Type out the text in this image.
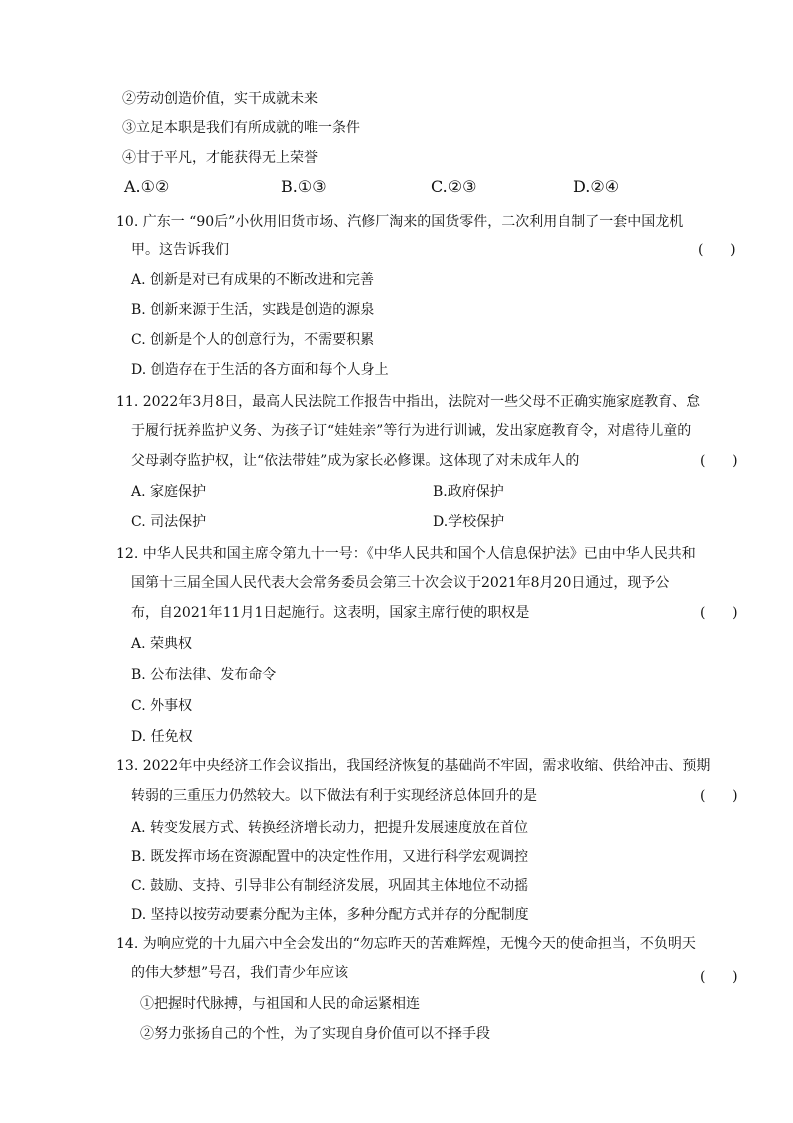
②劳动创造价值，实干成就未来
③立足本职是我们有所成就的唯一条件
④甘于平凡，才能获得无上荣誉
A.①②	B.①③	C.②③	D.②④
10. 广东一 “90后”小伙用旧货市场、汽修厂淘来的国货零件，二次利用自制了一套中国龙机
甲。这告诉我们	(      )
A. 创新是对已有成果的不断改进和完善
B. 创新来源于生活，实践是创造的源泉
C. 创新是个人的创意行为，不需要积累
D. 创造存在于生活的各方面和每个人身上
11. 2022年3月8日，最高人民法院工作报告中指出，法院对一些父母不正确实施家庭教育、怠
于履行抚养监护义务、为孩子订“娃娃亲”等行为进行训诫，发出家庭教育令，对虐待儿童的
父母剥夺监护权，让“依法带娃”成为家长必修课。这体现了对未成年人的	(      )
A. 家庭保护	B.政府保护
C. 司法保护	D.学校保护
12. 中华人民共和国主席令第九十一号：《中华人民共和国个人信息保护法》已由中华人民共和
国第十三届全国人民代表大会常务委员会第三十次会议于2021年8月20日通过，现予公
布，自2021年11月1日起施行。这表明，国家主席行使的职权是	(      )
A. 荣典权
B. 公布法律、发布命令
C. 外事权
D. 任免权
13. 2022年中央经济工作会议指出，我国经济恢复的基础尚不牢固，需求收缩、供给冲击、预期
转弱的三重压力仍然较大。以下做法有利于实现经济总体回升的是	(      )
A. 转变发展方式、转换经济增长动力，把提升发展速度放在首位
B. 既发挥市场在资源配置中的决定性作用，又进行科学宏观调控
C. 鼓励、支持、引导非公有制经济发展，巩固其主体地位不动摇
D. 坚持以按劳动要素分配为主体，多种分配方式并存的分配制度
14. 为响应党的十九届六中全会发出的“勿忘昨天的苦难辉煌，无愧今天的使命担当，不负明天
的伟大梦想”号召，我们青少年应该	(      )
①把握时代脉搏，与祖国和人民的命运紧相连
②努力张扬自己的个性，为了实现自身价值可以不择手段
